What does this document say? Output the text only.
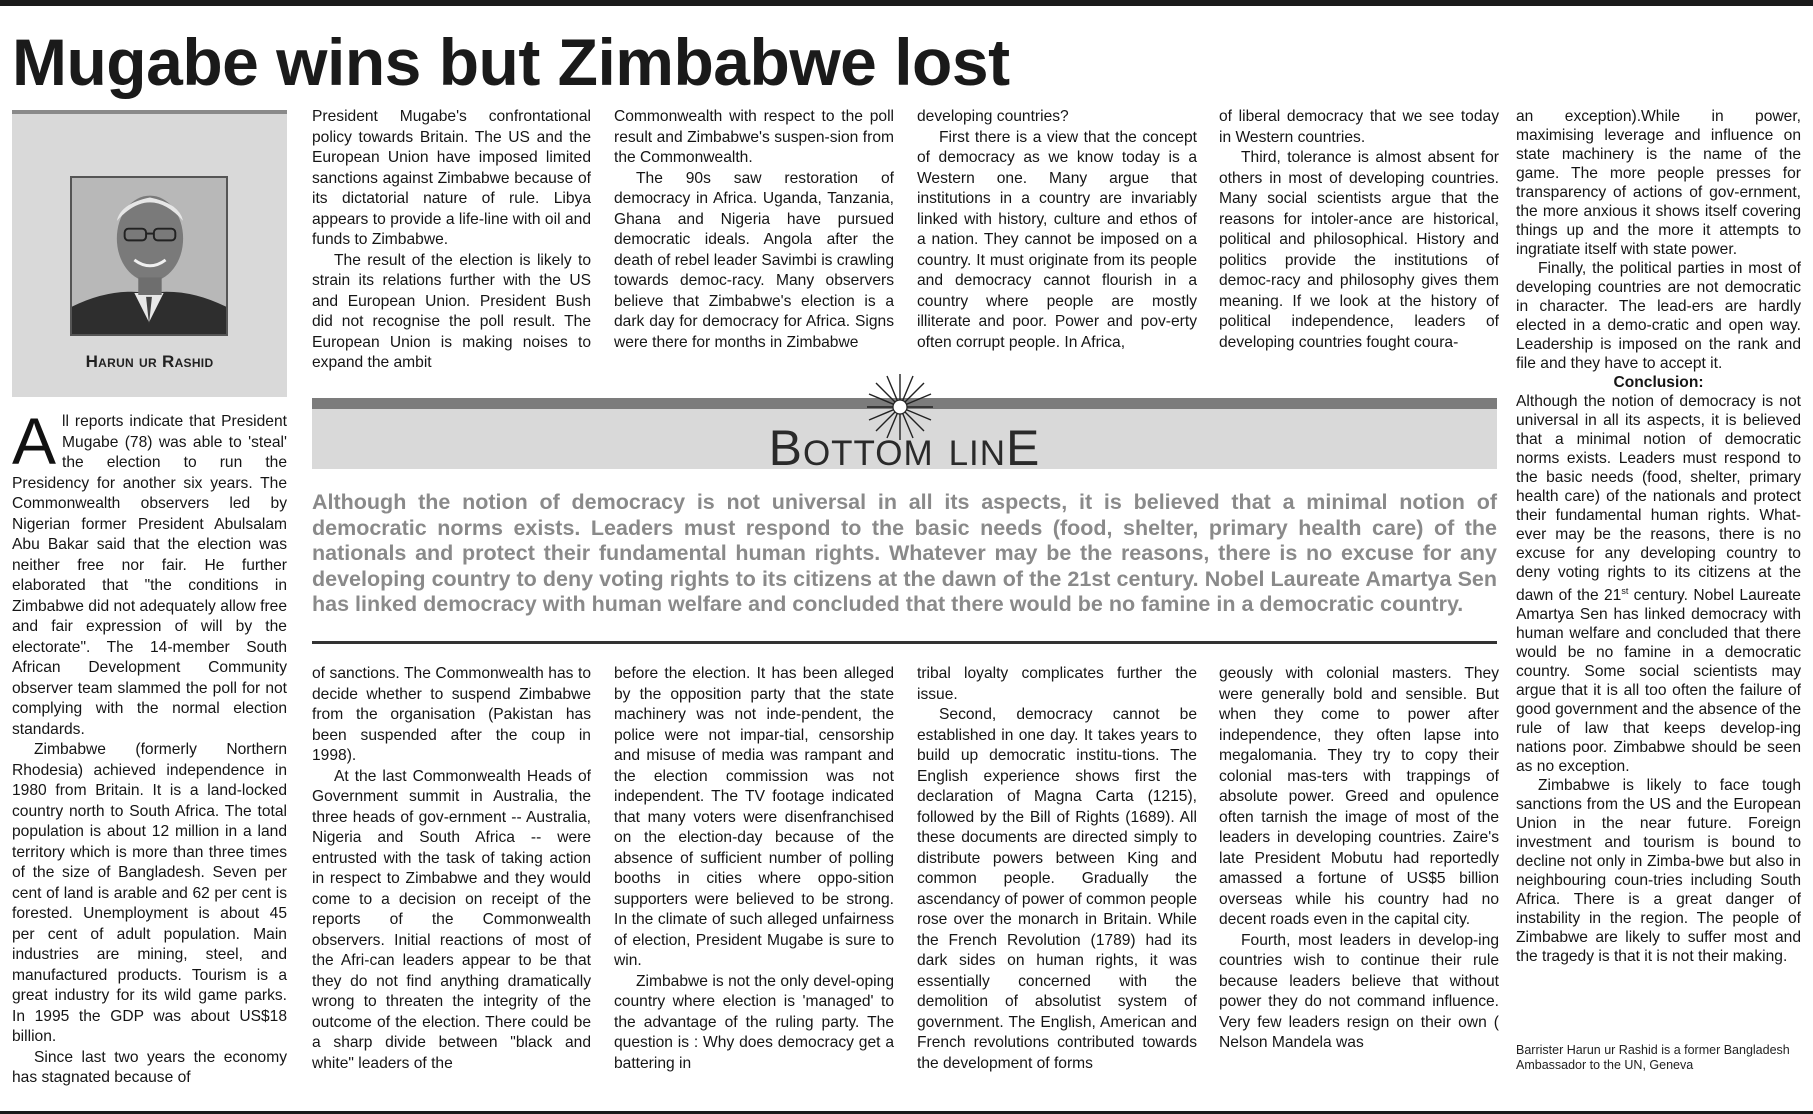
Mugabe wins but Zimbabwe lost
Harun ur Rashid

All reports indicate that President Mugabe (78) was able to 'steal' the election to run the Presidency for another six years. The Commonwealth observers led by Nigerian former President Abulsalam Abu Bakar said that the election was neither free nor fair. He further elaborated that "the conditions in Zimbabwe did not adequately allow free and fair expression of will by the electorate". The 14-member South African Development Community observer team slammed the poll for not complying with the normal election standards.

Zimbabwe (formerly Northern Rhodesia) achieved independence in 1980 from Britain. It is a land-locked country north to South Africa. The total population is about 12 million in a land territory which is more than three times of the size of Bangladesh. Seven per cent of land is arable and 62 per cent is forested. Unemployment is about 45 per cent of adult population. Main industries are mining, steel, and manufactured products. Tourism is a great industry for its wild game parks. In 1995 the GDP was about US$18 billion.

Since last two years the economy has stagnated because of

President Mugabe's confrontational policy towards Britain. The US and the European Union have imposed limited sanctions against Zimbabwe because of its dictatorial nature of rule. Libya appears to provide a life-line with oil and funds to Zimbabwe.

The result of the election is likely to strain its relations further with the US and European Union. President Bush did not recognise the poll result. The European Union is making noises to expand the ambit

Commonwealth with respect to the poll result and Zimbabwe's suspen-sion from the Commonwealth.

The 90s saw restoration of democracy in Africa. Uganda, Tanzania, Ghana and Nigeria have pursued democratic ideals. Angola after the death of rebel leader Savimbi is crawling towards democ-racy. Many observers believe that Zimbabwe's election is a dark day for democracy for Africa. Signs were there for months in Zimbabwe

developing countries?

First there is a view that the concept of democracy as we know today is a Western one. Many argue that institutions in a country are invariably linked with history, culture and ethos of a nation. They cannot be imposed on a country. It must originate from its people and democracy cannot flourish in a country where people are mostly illiterate and poor. Power and pov-erty often corrupt people. In Africa,

of liberal democracy that we see today in Western countries.

Third, tolerance is almost absent for others in most of developing countries. Many social scientists argue that the reasons for intoler-ance are historical, political and philosophical. History and politics provide the institutions of democ-racy and philosophy gives them meaning. If we look at the history of political independence, leaders of developing countries fought coura-

Bottom linE

Although the notion of democracy is not universal in all its aspects, it is believed that a minimal notion of democratic norms exists. Leaders must respond to the basic needs (food, shelter, primary health care) of the nationals and protect their fundamental human rights. Whatever may be the reasons, there is no excuse for any developing country to deny voting rights to its citizens at the dawn of the 21st century. Nobel Laureate Amartya Sen has linked democracy with human welfare and concluded that there would be no famine in a democratic country.

of sanctions. The Commonwealth has to decide whether to suspend Zimbabwe from the organisation (Pakistan has been suspended after the coup in 1998).

At the last Commonwealth Heads of Government summit in Australia, the three heads of gov-ernment -- Australia, Nigeria and South Africa -- were entrusted with the task of taking action in respect to Zimbabwe and they would come to a decision on receipt of the reports of the Commonwealth observers. Initial reactions of most of the Afri-can leaders appear to be that they do not find anything dramatically wrong to threaten the integrity of the outcome of the election. There could be a sharp divide between "black and white" leaders of the

before the election. It has been alleged by the opposition party that the state machinery was not inde-pendent, the police were not impar-tial, censorship and misuse of media was rampant and the election commission was not independent. The TV footage indicated that many voters were disenfranchised on the election-day because of the absence of sufficient number of polling booths in cities where oppo-sition supporters were believed to be strong. In the climate of such alleged unfairness of election, President Mugabe is sure to win.

Zimbabwe is not the only devel-oping country where election is 'managed' to the advantage of the ruling party. The question is : Why does democracy get a battering in

tribal loyalty complicates further the issue.

Second, democracy cannot be established in one day. It takes years to build up democratic institu-tions. The English experience shows first the declaration of Magna Carta (1215), followed by the Bill of Rights (1689). All these documents are directed simply to distribute powers between King and common people. Gradually the ascendancy of power of common people rose over the monarch in Britain. While the French Revolution (1789) had its dark sides on human rights, it was essentially concerned with the demolition of absolutist system of government. The English, American and French revolutions contributed towards the development of forms

geously with colonial masters. They were generally bold and sensible. But when they come to power after independence, they often lapse into megalomania. They try to copy their colonial mas-ters with trappings of absolute power. Greed and opulence often tarnish the image of most of the leaders in developing countries. Zaire's late President Mobutu had reportedly amassed a fortune of US$5 billion overseas while his country had no decent roads even in the capital city.

Fourth, most leaders in develop-ing countries wish to continue their rule because leaders believe that without power they do not command influence. Very few leaders resign on their own ( Nelson Mandela was

an exception).While in power, maximising leverage and influence on state machinery is the name of the game. The more people presses for transparency of actions of gov-ernment, the more anxious it shows itself covering things up and the more it attempts to ingratiate itself with state power.

Finally, the political parties in most of developing countries are not democratic in character. The lead-ers are hardly elected in a demo-cratic and open way. Leadership is imposed on the rank and file and they have to accept it.

Conclusion:

Although the notion of democracy is not universal in all its aspects, it is believed that a minimal notion of democratic norms exists. Leaders must respond to the basic needs (food, shelter, primary health care) of the nationals and protect their fundamental human rights. What-ever may be the reasons, there is no excuse for any developing country to deny voting rights to its citizens at the dawn of the 21st century. Nobel Laureate Amartya Sen has linked democracy with human welfare and concluded that there would be no famine in a democratic country. Some social scientists may argue that it is all too often the failure of good government and the absence of the rule of law that keeps develop-ing nations poor. Zimbabwe should be seen as no exception.

Zimbabwe is likely to face tough sanctions from the US and the European Union in the near future. Foreign investment and tourism is bound to decline not only in Zimba-bwe but also in neighbouring coun-tries including South Africa. There is a great danger of instability in the region. The people of Zimbabwe are likely to suffer most and the tragedy is that it is not their making.

Barrister Harun ur Rashid is a former Bangladesh Ambassador to the UN, Geneva
